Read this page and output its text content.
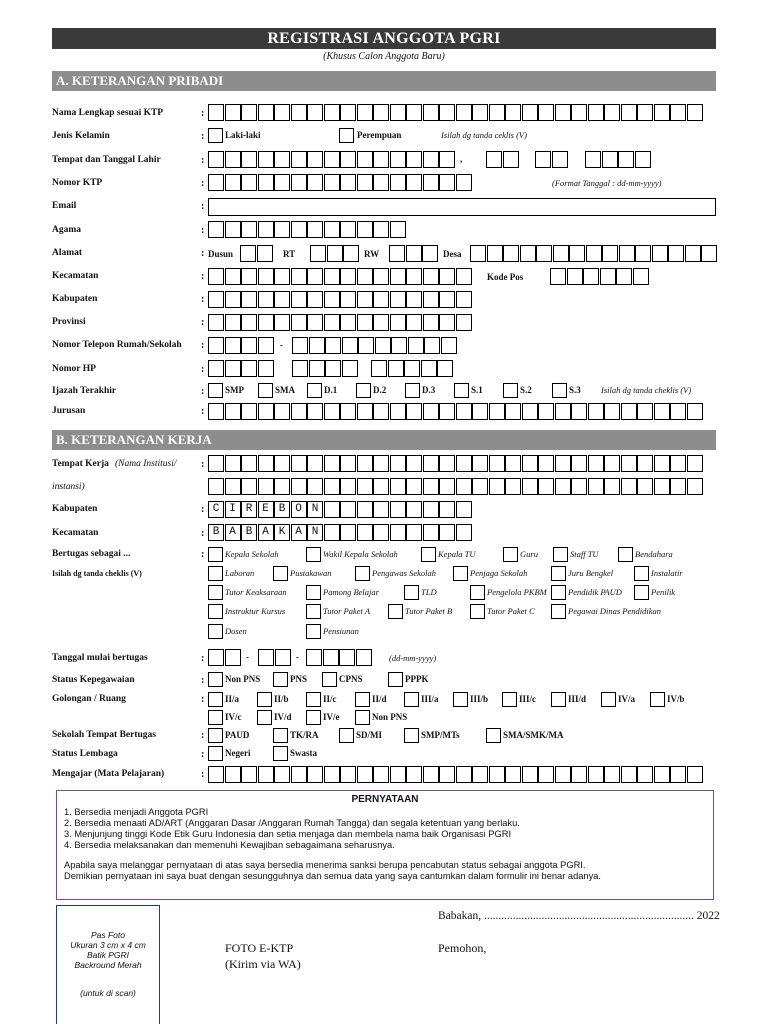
REGISTRASI ANGGOTA PGRI
(Khusus Calon Anggota Baru)
A. KETERANGAN PRIBADI
B. KETERANGAN KERJA
PERNYATAAN

1. Bersedia menjadi Anggota PGRI

2. Bersedia menaati AD/ART (Anggaran Dasar /Anggaran Rumah Tangga) dan segala ketentuan yang berlaku.

3. Menjunjung tinggi Kode Etik Guru Indonesia dan setia menjaga dan membela nama baik Organisasi PGRI

4. Bersedia melaksanakan dan memenuhi Kewajiban sebagaimana seharusnya.

Apabila saya melanggar pernyataan di atas saya bersedia menerima sanksi berupa pencabutan status sebagai anggota PGRI.

Demikian pernyataan ini saya buat dengan sesungguhnya dan semua data yang saya cantumkan dalam formulir ini benar adanya.

Pas Foto
Ukuran 3 cm x 4 cm
Batik PGRI
Backround Merah
(untuk di scan)
FOTO E-KTP
(Kirim via WA)
Babakan, ......................................................................... 2022
Pemohon,
Nama Lengkap sesuai KTP	:
Jenis Kelamin	: Laki-laki	Perempuan	Isilah dg tanda ceklis (V)
Tempat dan Tanggal Lahir	:	,
Nomor KTP	:	(Format Tanggal : dd-mm-yyyy)
Email	:
Agama	:
Alamat	: Dusun	RT	RW	Desa
Kecamatan	:	Kode Pos
Kabupaten	:
Provinsi	:
Nomor Telepon Rumah/Sekolah :	-
Nomor HP	:
Ijazah Terakhir	: SMP	SMA	D.1	D.2	D.3	S.1	S.2	S.3 Isilah dg tanda cheklis (V)
Jurusan	:
Tempat Kerja (Nama Institusi/ :
instansi)
Kabupaten	: C I R E B O N
Kecamatan	: B A B A K A N
Bertugas sebagai ...	:
Isilah dg tanda cheklis (V)
Kepala Sekolah	Wakil Kepala Sekolah	Kepala TU	Guru	Staff TU	Bendahara
Laboran	Pustakawan	Pengawas Sekolah	Penjaga Sekolah	Juru Bengkel	Instalatir
Tutor Keaksaraan	Pamong Belajar	TLD	Pengelola PKBM	Pendidik PAUD	Penilik
Instruktur Kursus	Tutor Paket A	Tutor Paket B	Tutor Paket C	Pegawai Dinas Pendidikan
Dosen	Pensiunan
Tanggal mulai bertugas	:	-	-	(dd-mm-yyyy)
Status Kepegawaian	: Non PNS	PNS	CPNS	PPPK
Golongan / Ruang	: II/a	II/b	II/c	II/d	III/a	III/b	III/c	III/d	IV/a	IV/b
IV/c	IV/d	IV/e	Non PNS
Sekolah Tempat Bertugas	: PAUD	TK/RA	SD/MI	SMP/MTs	SMA/SMK/MA
Status Lembaga	: Negeri	Swasta
Mengajar (Mata Pelajaran)	:
